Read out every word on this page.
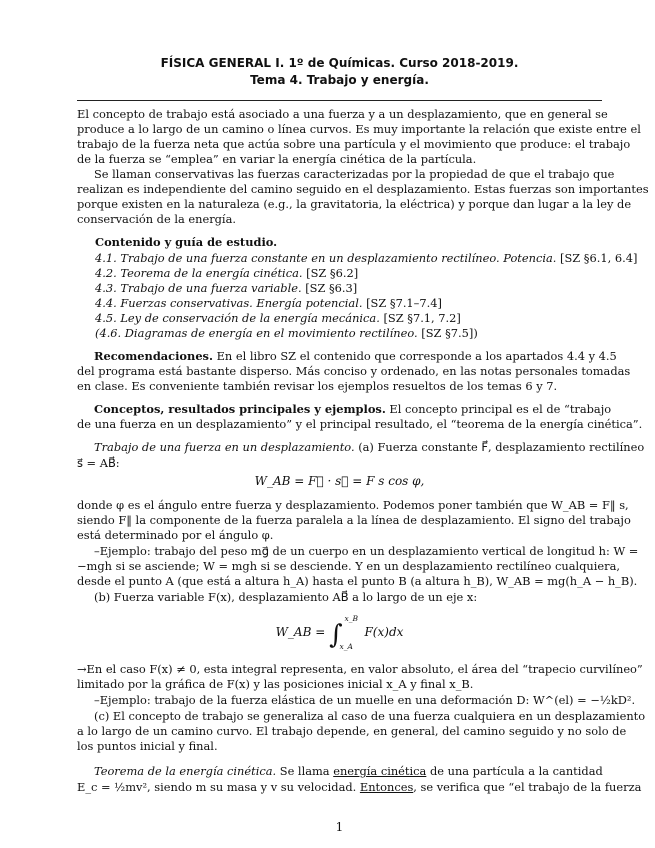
FÍSICA GENERAL I. 1º de Químicas. Curso 2018-2019.
Tema 4. Trabajo y energía.
El concepto de trabajo está asociado a una fuerza y a un desplazamiento, que en general se
produce a lo largo de un camino o línea curvos. Es muy importante la relación que existe entre el
trabajo de la fuerza neta que actúa sobre una partícula y el movimiento que produce: el trabajo
de la fuerza se “emplea” en variar la energía cinética de la partícula.
Se llaman conservativas las fuerzas caracterizadas por la propiedad de que el trabajo que
realizan es independiente del camino seguido en el desplazamiento. Estas fuerzas son importantes
porque existen en la naturaleza (e.g., la gravitatoria, la eléctrica) y porque dan lugar a la ley de
conservación de la energía.
Contenido y guía de estudio.
4.1. Trabajo de una fuerza constante en un desplazamiento rectilíneo. Potencia. [SZ §6.1, 6.4]
4.2. Teorema de la energía cinética. [SZ §6.2]
4.3. Trabajo de una fuerza variable. [SZ §6.3]
4.4. Fuerzas conservativas. Energía potencial. [SZ §7.1–7.4]
4.5. Ley de conservación de la energía mecánica. [SZ §7.1, 7.2]
(4.6. Diagramas de energía en el movimiento rectilíneo. [SZ §7.5])
Recomendaciones. En el libro SZ el contenido que corresponde a los apartados 4.4 y 4.5
del programa está bastante disperso. Más conciso y ordenado, en las notas personales tomadas
en clase. Es conveniente también revisar los ejemplos resueltos de los temas 6 y 7.
Conceptos, resultados principales y ejemplos. El concepto principal es el de “trabajo
de una fuerza en un desplazamiento” y el principal resultado, el “teorema de la energía cinética”.
Trabajo de una fuerza en un desplazamiento. (a) Fuerza constante F⃗, desplazamiento rectilíneo
s⃗ = AB⃗:
W_AB = F⃗ · s⃗ = F s cos φ,
donde φ es el ángulo entre fuerza y desplazamiento. Podemos poner también que W_AB = F‖ s,
siendo F‖ la componente de la fuerza paralela a la línea de desplazamiento. El signo del trabajo
está determinado por el ángulo φ.
–Ejemplo: trabajo del peso mg⃗ de un cuerpo en un desplazamiento vertical de longitud h: W =
−mgh si se asciende; W = mgh si se desciende. Y en un desplazamiento rectilíneo cualquiera,
desde el punto A (que está a altura h_A) hasta el punto B (a altura h_B), W_AB = mg(h_A − h_B).
(b) Fuerza variable F(x), desplazamiento AB⃗ a lo largo de un eje x:
W_AB = ∫
x_B
x_A
F(x)dx
→En el caso F(x) ≠ 0, esta integral representa, en valor absoluto, el área del “trapecio curvilíneo”
limitado por la gráfica de F(x) y las posiciones inicial x_A y final x_B.
–Ejemplo: trabajo de la fuerza elástica de un muelle en una deformación D: W^(el) = −½kD².
(c) El concepto de trabajo se generaliza al caso de una fuerza cualquiera en un desplazamiento
a lo largo de un camino curvo. El trabajo depende, en general, del camino seguido y no solo de
los puntos inicial y final.
Teorema de la energía cinética. Se llama energía cinética de una partícula a la cantidad
E_c = ½mv², siendo m su masa y v su velocidad. Entonces, se verifica que “el trabajo de la fuerza
1
